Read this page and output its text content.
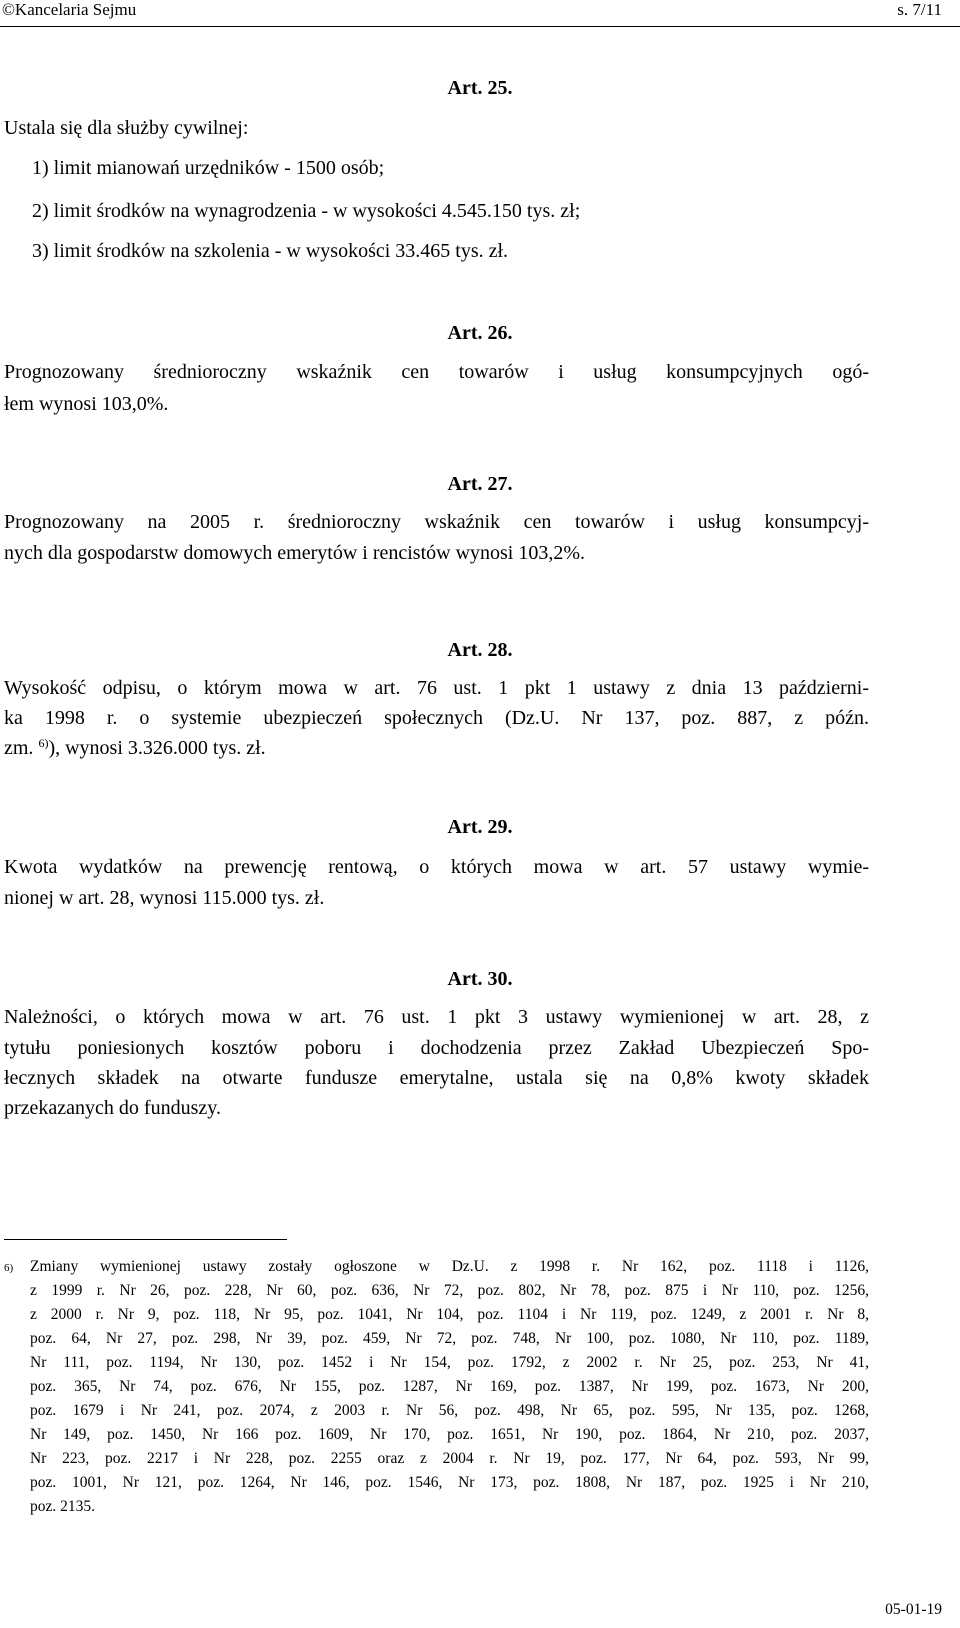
©Kancelaria Sejmu	s. 7/11
Art. 25.
Ustala się dla służby cywilnej:
1) limit mianowań urzędników - 1500 osób;
2) limit środków na wynagrodzenia - w wysokości 4.545.150 tys. zł;
3) limit środków na szkolenia - w wysokości 33.465 tys. zł.
Art. 26.
Prognozowany średnioroczny wskaźnik cen towarów i usług konsumpcyjnych ogó-
łem wynosi 103,0%.
Art. 27.
Prognozowany na 2005 r. średnioroczny wskaźnik cen towarów i usług konsumpcyj-
nych dla gospodarstw domowych emerytów i rencistów wynosi 103,2%.
Art. 28.
Wysokość odpisu, o którym mowa w art. 76 ust. 1 pkt 1 ustawy z dnia 13 październi-
ka 1998 r. o systemie ubezpieczeń społecznych (Dz.U. Nr 137, poz. 887, z późn.
zm. $^{6)}$), wynosi 3.326.000 tys. zł.
Art. 29.
Kwota wydatków na prewencję rentową, o których mowa w art. 57 ustawy wymie-
nionej w art. 28, wynosi 115.000 tys. zł.
Art. 30.
Należności, o których mowa w art. 76 ust. 1 pkt 3 ustawy wymienionej w art. 28, z
tytułu poniesionych kosztów poboru i dochodzenia przez Zakład Ubezpieczeń Spo-
łecznych składek na otwarte fundusze emerytalne, ustala się na 0,8% kwoty składek
przekazanych do funduszy.
6) Zmiany wymienionej ustawy zostały ogłoszone w Dz.U. z 1998 r. Nr 162, poz. 1118 i 1126,
z 1999 r. Nr 26, poz. 228, Nr 60, poz. 636, Nr 72, poz. 802, Nr 78, poz. 875 i Nr 110, poz. 1256,
z 2000 r. Nr 9, poz. 118, Nr 95, poz. 1041, Nr 104, poz. 1104 i Nr 119, poz. 1249, z 2001 r. Nr 8,
poz. 64, Nr 27, poz. 298, Nr 39, poz. 459, Nr 72, poz. 748, Nr 100, poz. 1080, Nr 110, poz. 1189,
Nr 111, poz. 1194, Nr 130, poz. 1452 i Nr 154, poz. 1792, z 2002 r. Nr 25, poz. 253, Nr 41,
poz. 365, Nr 74, poz. 676, Nr 155, poz. 1287, Nr 169, poz. 1387, Nr 199, poz. 1673, Nr 200,
poz. 1679 i Nr 241, poz. 2074, z 2003 r. Nr 56, poz. 498, Nr 65, poz. 595, Nr 135, poz. 1268,
Nr 149, poz. 1450, Nr 166 poz. 1609, Nr 170, poz. 1651, Nr 190, poz. 1864, Nr 210, poz. 2037,
Nr 223, poz. 2217 i Nr 228, poz. 2255 oraz z 2004 r. Nr 19, poz. 177, Nr 64, poz. 593, Nr 99,
poz. 1001, Nr 121, poz. 1264, Nr 146, poz. 1546, Nr 173, poz. 1808, Nr 187, poz. 1925 i Nr 210,
poz. 2135.
05-01-19
